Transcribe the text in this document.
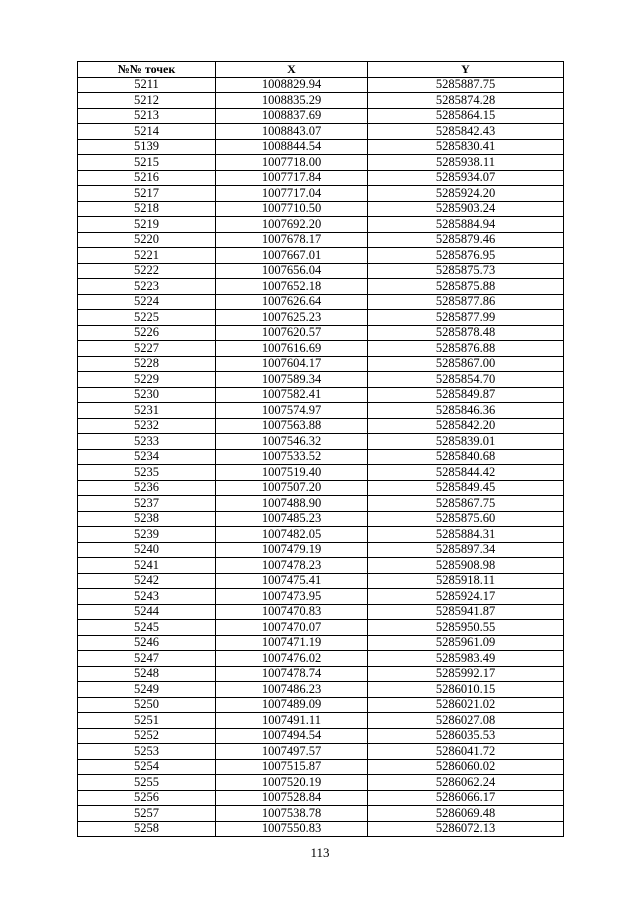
№№ точек	X	Y
5211	1008829.94	5285887.75
5212	1008835.29	5285874.28
5213	1008837.69	5285864.15
5214	1008843.07	5285842.43
5139	1008844.54	5285830.41
5215	1007718.00	5285938.11
5216	1007717.84	5285934.07
5217	1007717.04	5285924.20
5218	1007710.50	5285903.24
5219	1007692.20	5285884.94
5220	1007678.17	5285879.46
5221	1007667.01	5285876.95
5222	1007656.04	5285875.73
5223	1007652.18	5285875.88
5224	1007626.64	5285877.86
5225	1007625.23	5285877.99
5226	1007620.57	5285878.48
5227	1007616.69	5285876.88
5228	1007604.17	5285867.00
5229	1007589.34	5285854.70
5230	1007582.41	5285849.87
5231	1007574.97	5285846.36
5232	1007563.88	5285842.20
5233	1007546.32	5285839.01
5234	1007533.52	5285840.68
5235	1007519.40	5285844.42
5236	1007507.20	5285849.45
5237	1007488.90	5285867.75
5238	1007485.23	5285875.60
5239	1007482.05	5285884.31
5240	1007479.19	5285897.34
5241	1007478.23	5285908.98
5242	1007475.41	5285918.11
5243	1007473.95	5285924.17
5244	1007470.83	5285941.87
5245	1007470.07	5285950.55
5246	1007471.19	5285961.09
5247	1007476.02	5285983.49
5248	1007478.74	5285992.17
5249	1007486.23	5286010.15
5250	1007489.09	5286021.02
5251	1007491.11	5286027.08
5252	1007494.54	5286035.53
5253	1007497.57	5286041.72
5254	1007515.87	5286060.02
5255	1007520.19	5286062.24
5256	1007528.84	5286066.17
5257	1007538.78	5286069.48
5258	1007550.83	5286072.13
113
